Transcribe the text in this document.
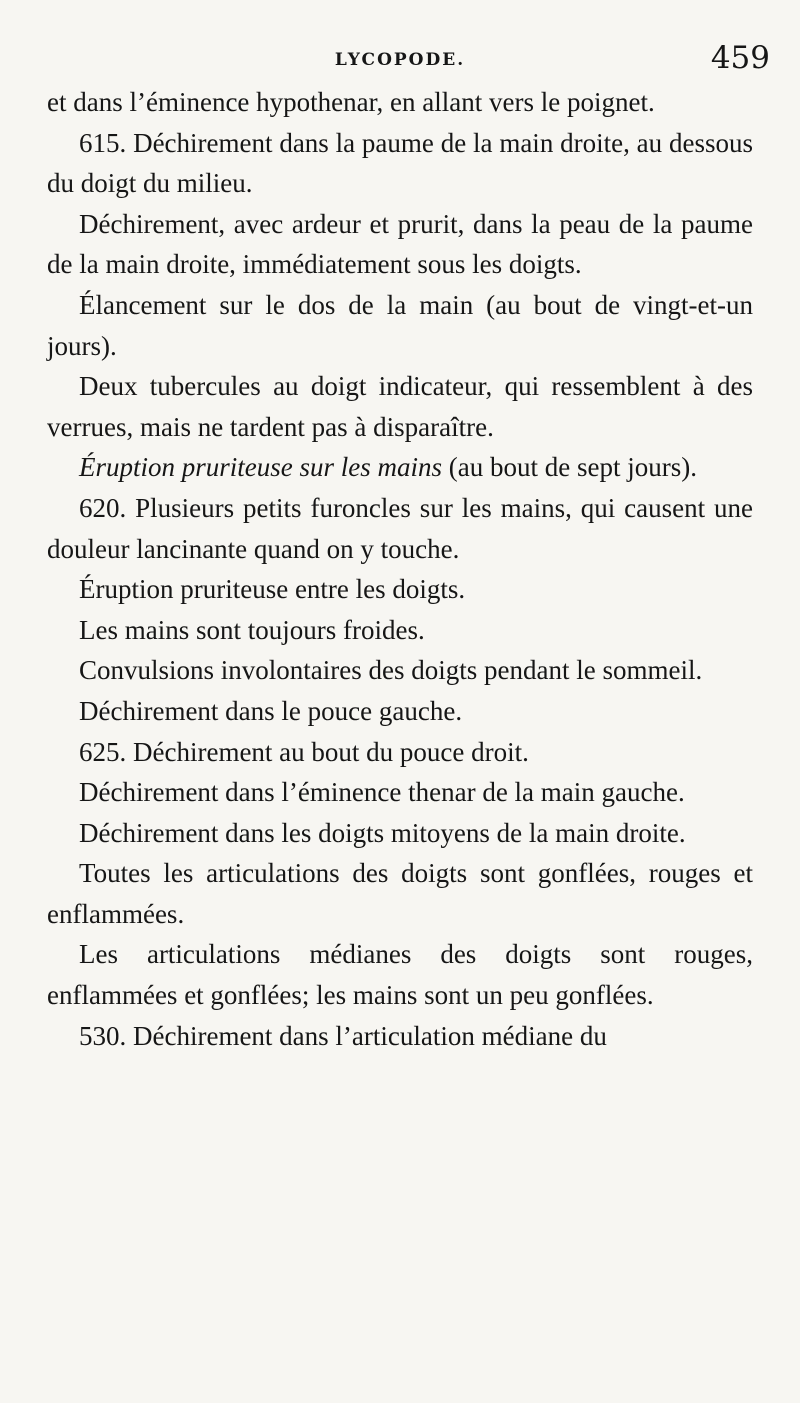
LYCOPODE.	459

et dans l’éminence hypothenar, en allant vers le poignet.

615. Déchirement dans la paume de la main droite, au dessous du doigt du milieu.

Déchirement, avec ardeur et prurit, dans la peau de la paume de la main droite, immédiatement sous les doigts.

Élancement sur le dos de la main (au bout de vingt-et-un jours).

Deux tubercules au doigt indicateur, qui ressemblent à des verrues, mais ne tardent pas à disparaître.

Éruption pruriteuse sur les mains (au bout de sept jours).

620. Plusieurs petits furoncles sur les mains, qui causent une douleur lancinante quand on y touche.

Éruption pruriteuse entre les doigts.

Les mains sont toujours froides.

Convulsions involontaires des doigts pendant le sommeil.

Déchirement dans le pouce gauche.

625. Déchirement au bout du pouce droit.

Déchirement dans l’éminence thenar de la main gauche.

Déchirement dans les doigts mitoyens de la main droite.

Toutes les articulations des doigts sont gonflées, rouges et enflammées.

Les articulations médianes des doigts sont rouges, enflammées et gonflées; les mains sont un peu gonflées.

530. Déchirement dans l’articulation médiane du
